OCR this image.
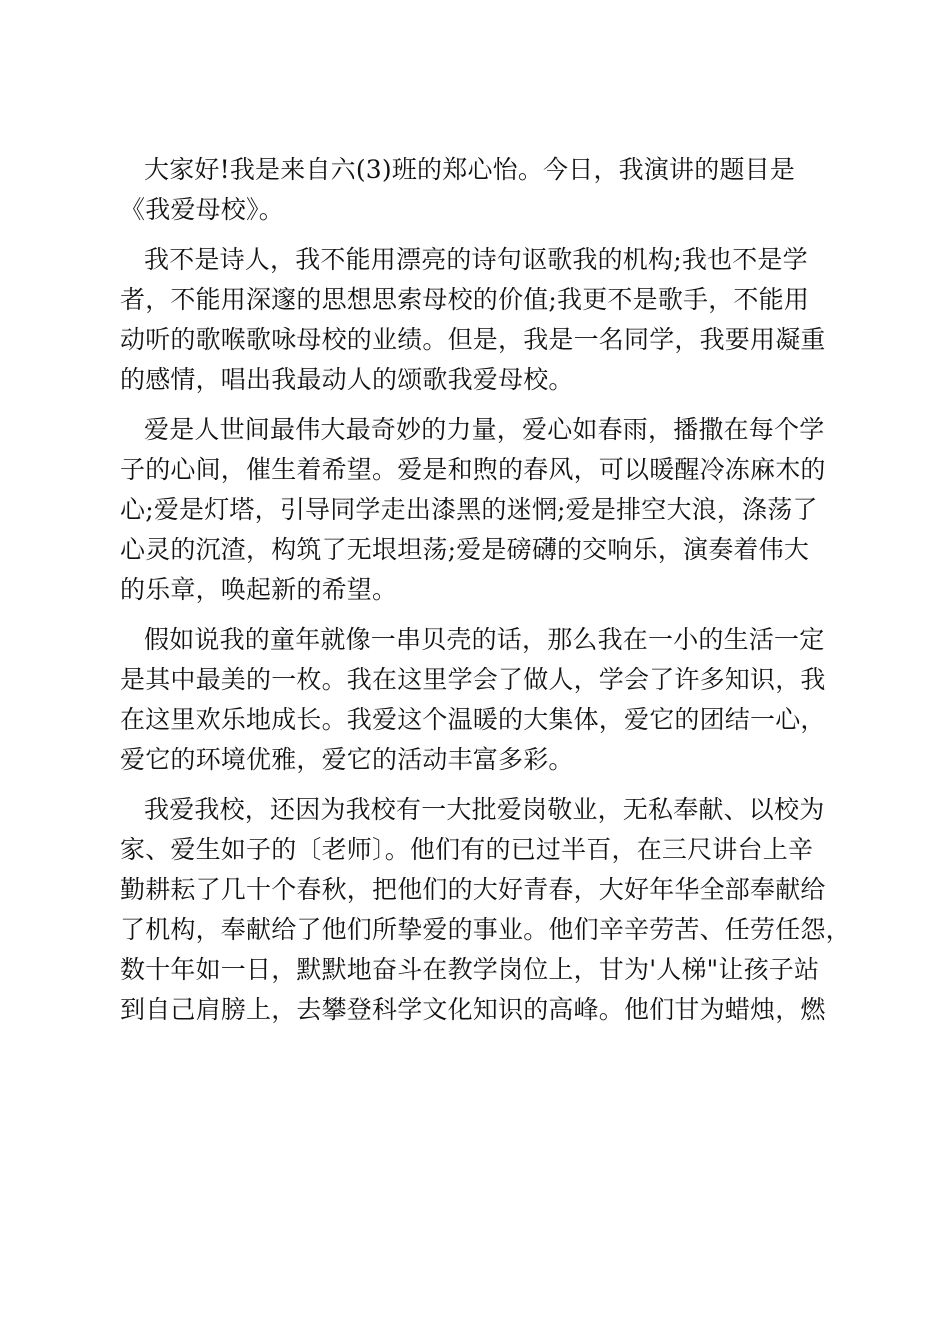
大家好!我是来自六(3)班的郑心怡。今日，我演讲的题目是
《我爱母校》。
我不是诗人，我不能用漂亮的诗句讴歌我的机构;我也不是学
者，不能用深邃的思想思索母校的价值;我更不是歌手，不能用
动听的歌喉歌咏母校的业绩。但是，我是一名同学，我要用凝重
的感情，唱出我最动人的颂歌我爱母校。
爱是人世间最伟大最奇妙的力量，爱心如春雨，播撒在每个学
子的心间，催生着希望。爱是和煦的春风，可以暖醒冷冻麻木的
心;爱是灯塔，引导同学走出漆黑的迷惘;爱是排空大浪，涤荡了
心灵的沉渣，构筑了无垠坦荡;爱是磅礴的交响乐，演奏着伟大
的乐章，唤起新的希望。
假如说我的童年就像一串贝壳的话，那么我在一小的生活一定
是其中最美的一枚。我在这里学会了做人，学会了许多知识，我
在这里欢乐地成长。我爱这个温暖的大集体，爱它的团结一心，
爱它的环境优雅，爱它的活动丰富多彩。
我爱我校，还因为我校有一大批爱岗敬业，无私奉献、以校为
家、爱生如子的〔老师〕。他们有的已过半百，在三尺讲台上辛
勤耕耘了几十个春秋，把他们的大好青春，大好年华全部奉献给
了机构，奉献给了他们所挚爱的事业。他们辛辛劳苦、任劳任怨，
数十年如一日，默默地奋斗在教学岗位上，甘为'人梯"让孩子站
到自己肩膀上，去攀登科学文化知识的高峰。他们甘为蜡烛，燃
